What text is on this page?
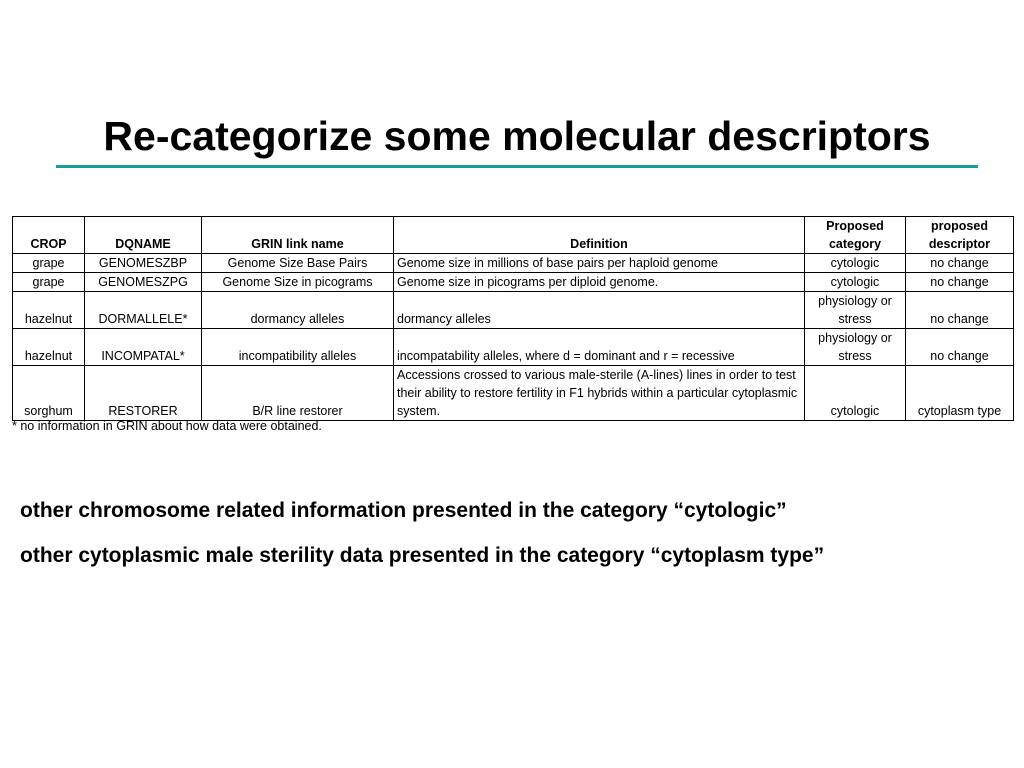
Re-categorize some molecular descriptors
CROP	DQNAME	GRIN link name	Definition	Proposed category	proposed descriptor
grape	GENOMESZBP	Genome Size Base Pairs	Genome size in millions of base pairs per haploid genome	cytologic	no change
grape	GENOMESZPG	Genome Size in picograms	Genome size in picograms per diploid genome.	cytologic	no change
hazelnut	DORMALLELE*	dormancy alleles	dormancy alleles	physiology or stress	no change
hazelnut	INCOMPATAL*	incompatibility alleles	incompatability alleles, where d = dominant and r = recessive	physiology or stress	no change
sorghum	RESTORER	B/R line restorer	Accessions crossed to various male-sterile (A-lines) lines in order to test their ability to restore fertility in F1 hybrids within a particular cytoplasmic system.	cytologic	cytoplasm type

* no information in GRIN about how data were obtained.

other chromosome related information presented in the category “cytologic”

other cytoplasmic male sterility data presented in the category “cytoplasm type”
